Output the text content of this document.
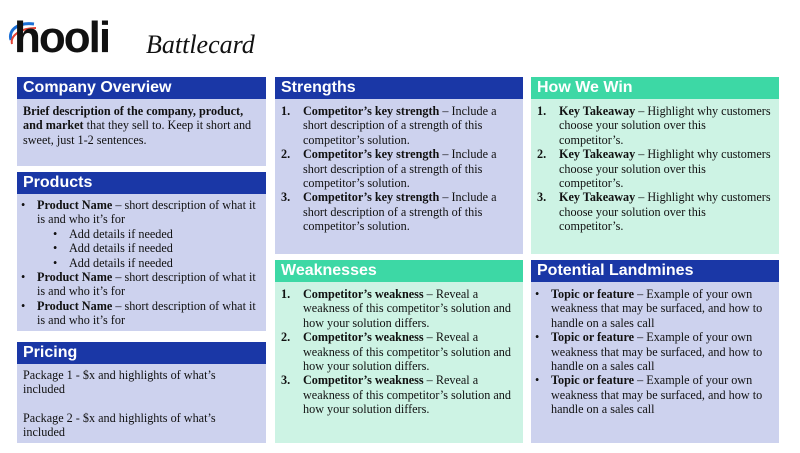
hooli Battlecard
Company Overview
Brief description of the company, product, and market that they sell to. Keep it short and sweet, just 1-2 sentences.
Products
• Product Name – short description of what it is and who it’s for
• Add details if needed
• Add details if needed
• Add details if needed
• Product Name – short description of what it is and who it’s for
• Product Name – short description of what it is and who it’s for
Pricing
Package 1 - $x and highlights of what’s included
Package 2 - $x and highlights of what’s included
Strengths
1. Competitor’s key strength – Include a short description of a strength of this competitor’s solution.
2. Competitor’s key strength – Include a short description of a strength of this competitor’s solution.
3. Competitor’s key strength – Include a short description of a strength of this competitor’s solution.
Weaknesses
1. Competitor’s weakness – Reveal a weakness of this competitor’s solution and how your solution differs.
2. Competitor’s weakness – Reveal a weakness of this competitor’s solution and how your solution differs.
3. Competitor’s weakness – Reveal a weakness of this competitor’s solution and how your solution differs.
How We Win
1. Key Takeaway – Highlight why customers choose your solution over this competitor’s.
2. Key Takeaway – Highlight why customers choose your solution over this competitor’s.
3. Key Takeaway – Highlight why customers choose your solution over this competitor’s.
Potential Landmines
• Topic or feature – Example of your own weakness that may be surfaced, and how to handle on a sales call
• Topic or feature – Example of your own weakness that may be surfaced, and how to handle on a sales call
• Topic or feature – Example of your own weakness that may be surfaced, and how to handle on a sales call
